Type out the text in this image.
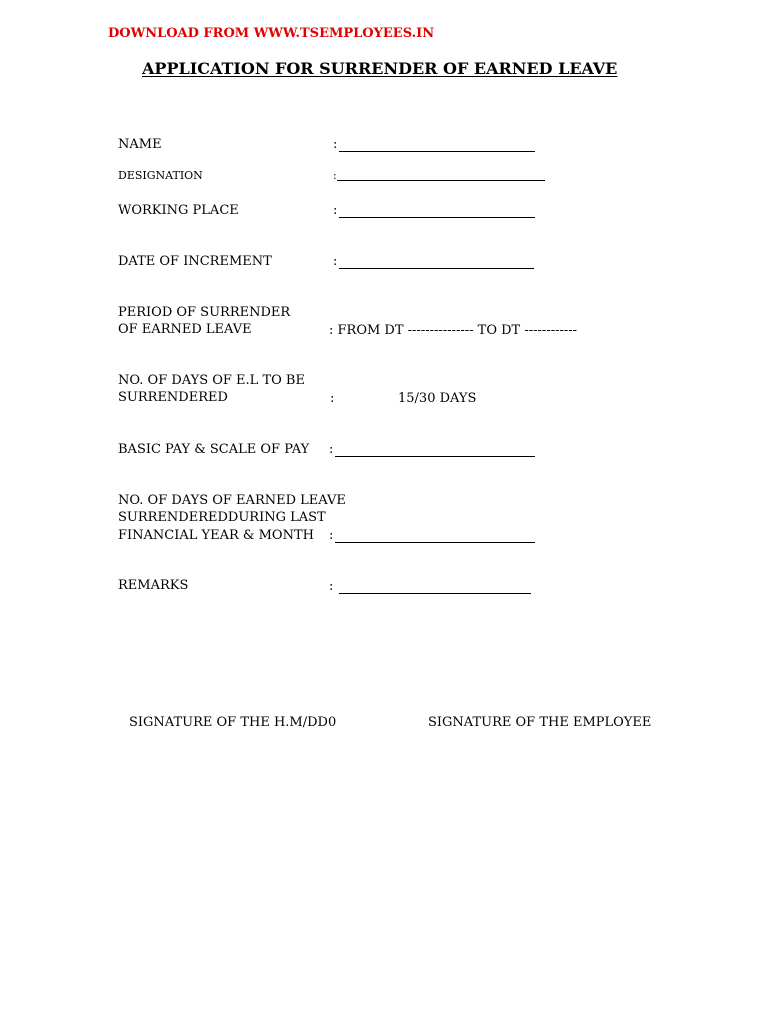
DOWNLOAD FROM WWW.TSEMPLOYEES.IN
APPLICATION FOR SURRENDER OF EARNED LEAVE
NAME	:
DESIGNATION	:
WORKING PLACE	:
DATE OF INCREMENT	:
PERIOD OF SURRENDER
OF EARNED LEAVE	: FROM DT --------------- TO DT ------------
NO. OF DAYS OF E.L TO BE
SURRENDERED	:	15/30 DAYS
BASIC PAY & SCALE OF PAY :
NO. OF DAYS OF EARNED LEAVE
SURRENDEREDDURING LAST
FINANCIAL YEAR & MONTH :
REMARKS	:
SIGNATURE OF THE H.M/DD0	SIGNATURE OF THE EMPLOYEE
